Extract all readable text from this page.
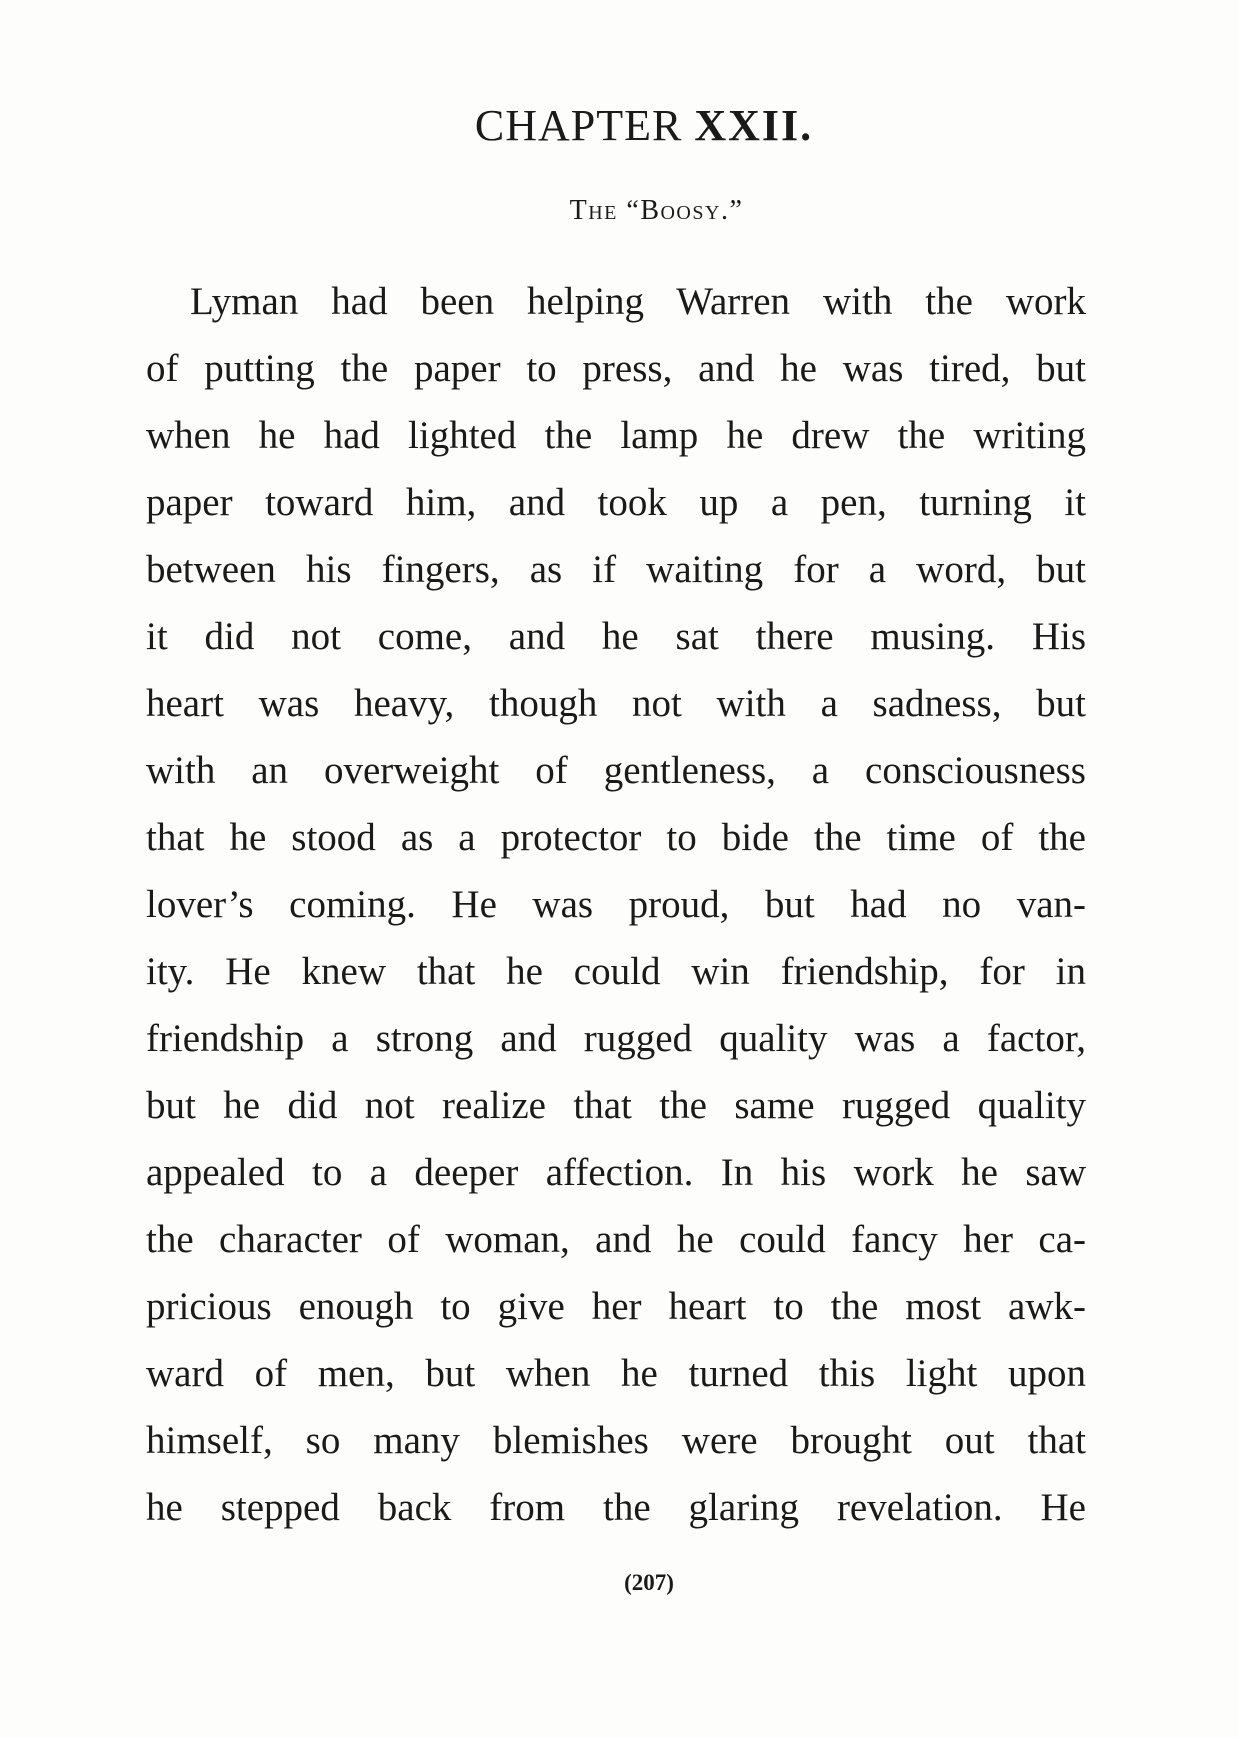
CHAPTER XXII.
The “Boosy.”
Lyman had been helping Warren with the work
of putting the paper to press, and he was tired, but
when he had lighted the lamp he drew the writing
paper toward him, and took up a pen, turning it
between his fingers, as if waiting for a word, but
it did not come, and he sat there musing. His
heart was heavy, though not with a sadness, but
with an overweight of gentleness, a consciousness
that he stood as a protector to bide the time of the
lover’s coming. He was proud, but had no van-
ity. He knew that he could win friendship, for in
friendship a strong and rugged quality was a factor,
but he did not realize that the same rugged quality
appealed to a deeper affection. In his work he saw
the character of woman, and he could fancy her ca-
pricious enough to give her heart to the most awk-
ward of men, but when he turned this light upon
himself, so many blemishes were brought out that
he stepped back from the glaring revelation. He
(207)
